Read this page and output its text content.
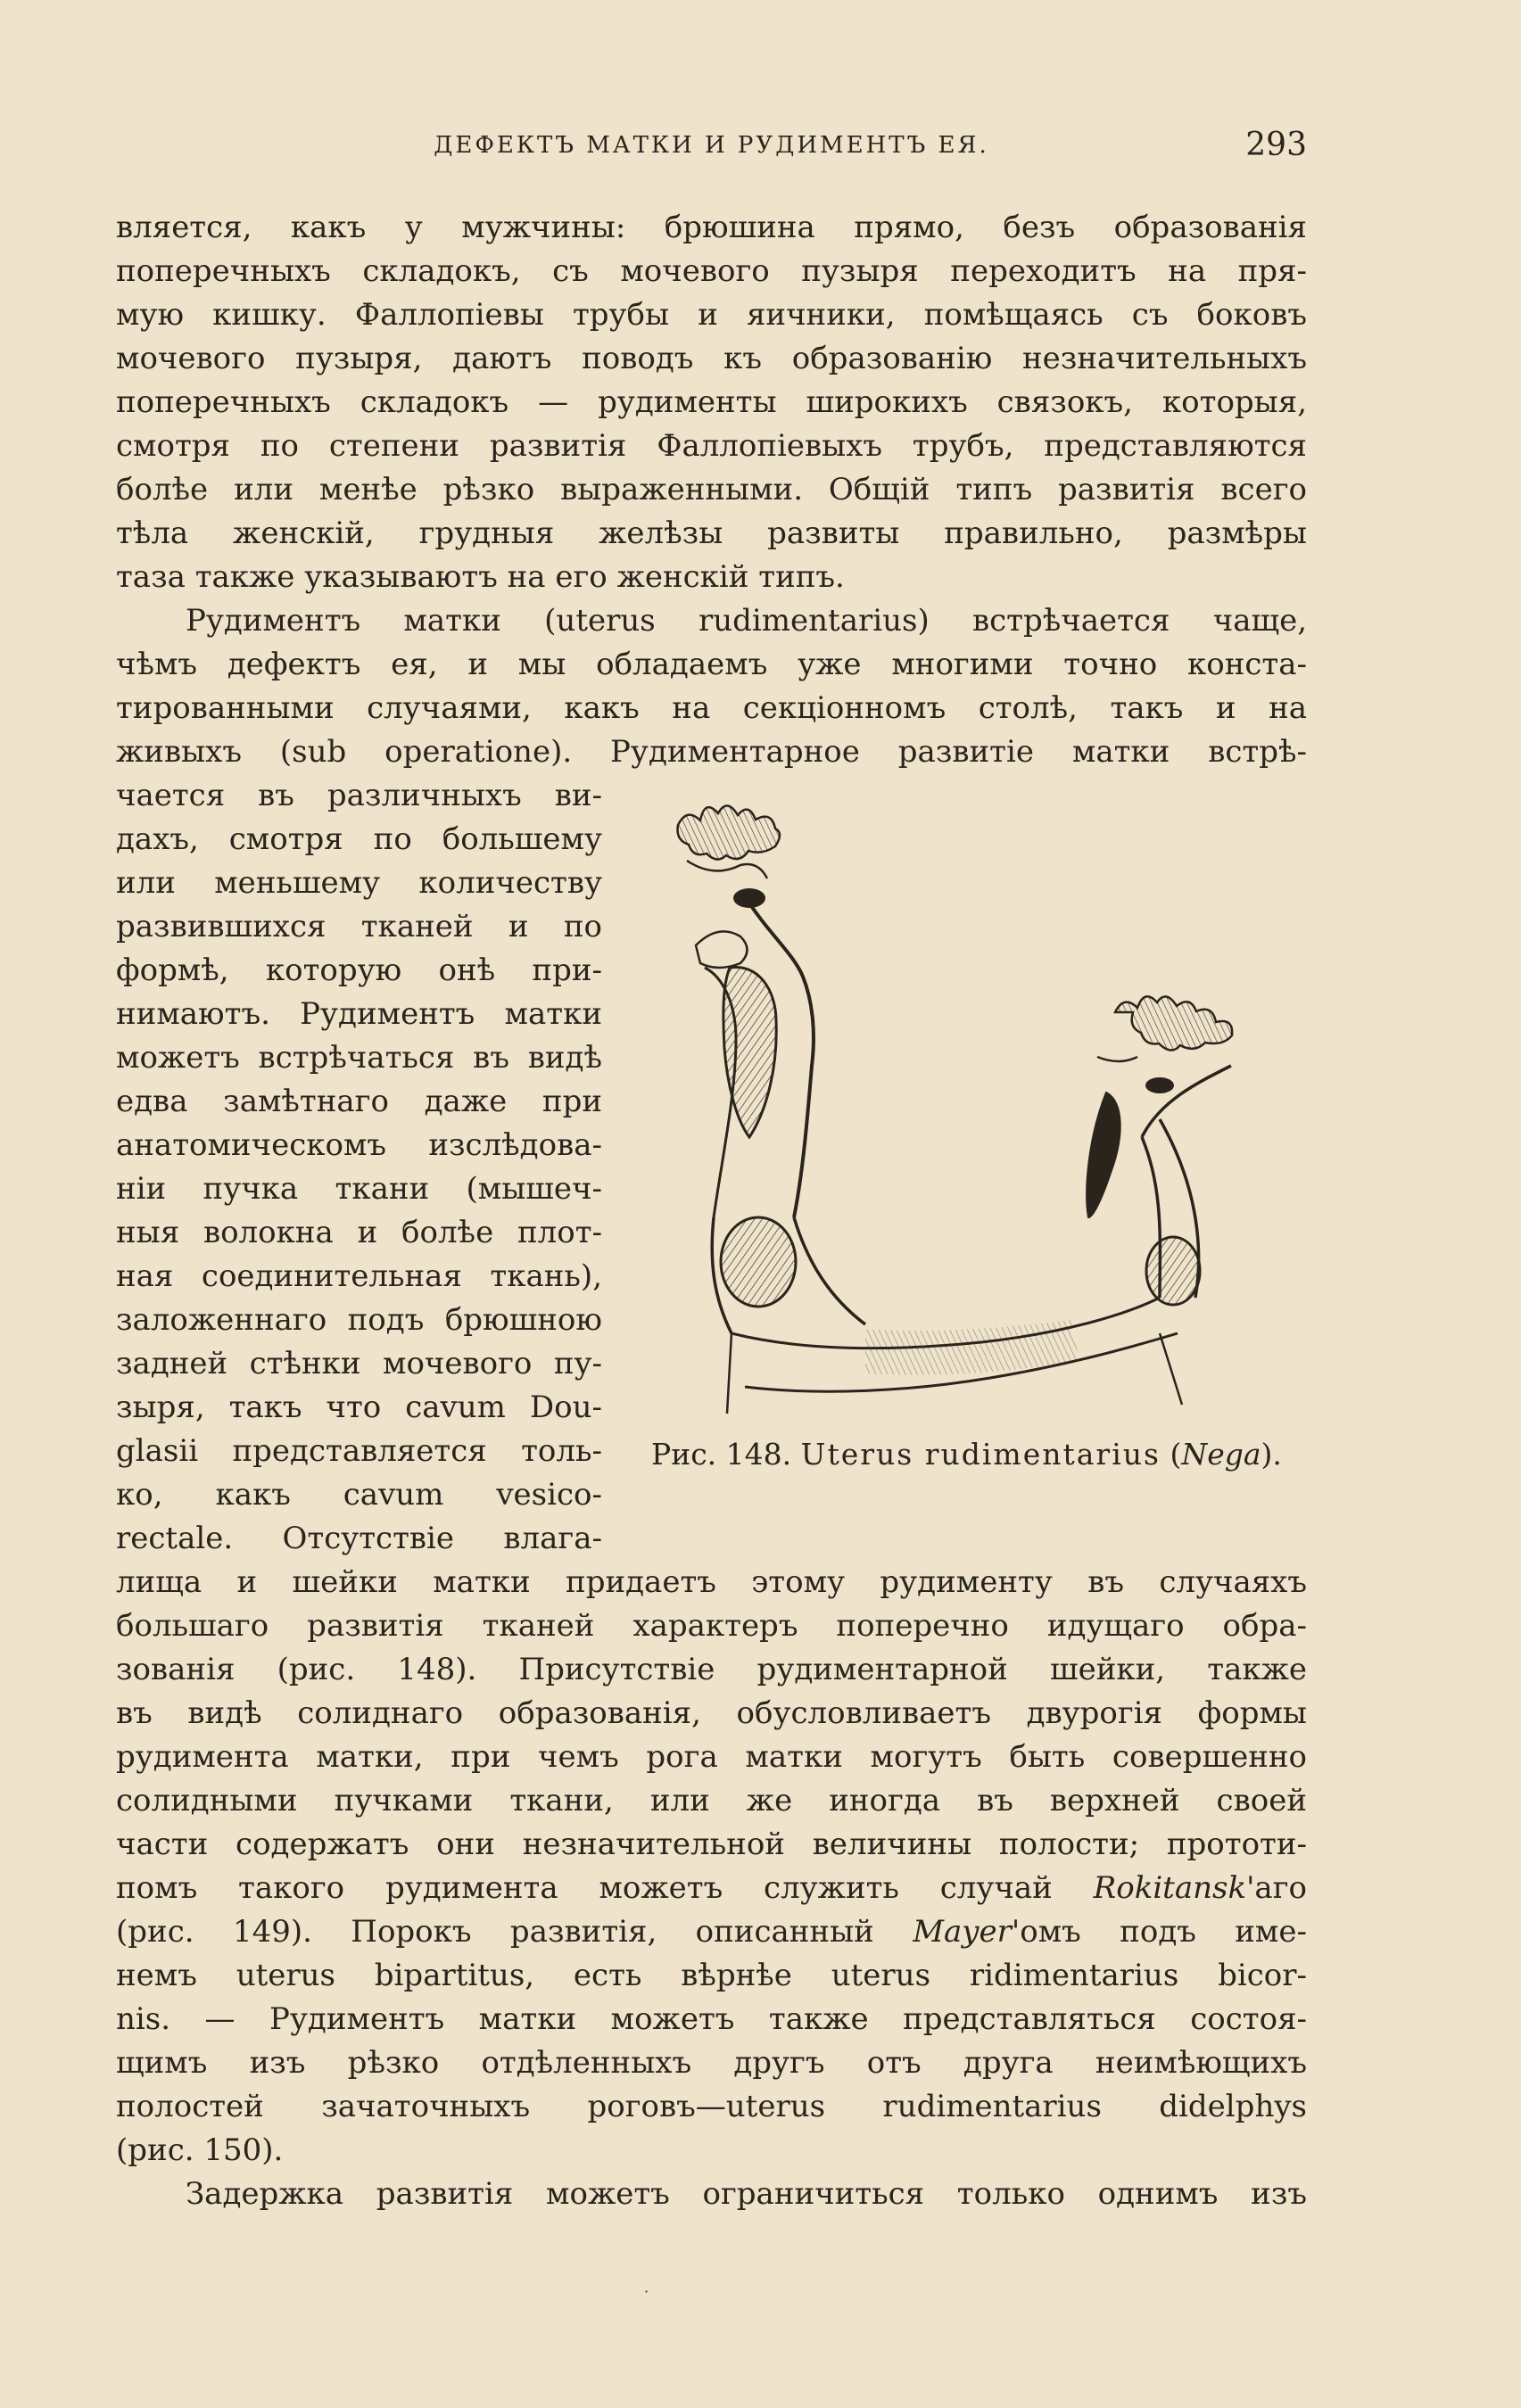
ДЕФЕКТЪ МАТКИ И РУДИМЕНТЪ ЕЯ.	293
вляется, какъ у мужчины: брюшина прямо, безъ образованія
поперечныхъ складокъ, съ мочевого пузыря переходитъ на пря-
мую кишку. Фаллопіевы трубы и яичники, помѣщаясь съ боковъ
мочевого пузыря, даютъ поводъ къ образованію незначительныхъ
поперечныхъ складокъ — рудименты широкихъ связокъ, которыя,
смотря по степени развитія Фаллопіевыхъ трубъ, представляются
болѣе или менѣе рѣзко выраженными. Общій типъ развитія всего
тѣла женскій, грудныя желѣзы развиты правильно, размѣры
таза также указываютъ на его женскій типъ.
Рудиментъ матки (uterus rudimentarius) встрѣчается чаще,
чѣмъ дефектъ ея, и мы обладаемъ уже многими точно конста-
тированными случаями, какъ на секціонномъ столѣ, такъ и на
живыхъ (sub operatione). Рудиментарное развитіе матки встрѣ-
чается въ различныхъ ви-
дахъ, смотря по большему
или меньшему количеству
развившихся тканей и по
формѣ, которую онѣ при-
нимаютъ. Рудиментъ матки
можетъ встрѣчаться въ видѣ
едва замѣтнаго даже при
анатомическомъ изслѣдова-
ніи пучка ткани (мышеч-
ныя волокна и болѣе плот-
ная соединительная ткань),
заложеннаго подъ брюшною
задней стѣнки мочевого пу-
зыря, такъ что cavum Dou-
glasii представляется толь-
ко, какъ cavum vesico-
rectale. Отсутствіе влага-
лища и шейки матки придаетъ этому рудименту въ случаяхъ
большаго развитія тканей характеръ поперечно идущаго обра-
зованія (рис. 148). Присутствіе рудиментарной шейки, также
въ видѣ солиднаго образованія, обусловливаетъ двурогія формы
рудимента матки, при чемъ рога матки могутъ быть совершенно
солидными пучками ткани, или же иногда въ верхней своей
части содержатъ они незначительной величины полости; прототи-
помъ такого рудимента можетъ служить случай Rokitansk'аго
(рис. 149). Порокъ развитія, описанный Mayer'омъ подъ име-
немъ uterus bipartitus, есть вѣрнѣе uterus ridimentarius bicor-
nis. — Рудиментъ матки можетъ также представляться состоя-
щимъ изъ рѣзко отдѣленныхъ другъ отъ друга неимѣющихъ
полостей зачаточныхъ роговъ—uterus rudimentarius didelphys
(рис. 150).
Задержка развитія можетъ ограничиться только однимъ изъ
Рис. 148. Uterus rudimentarius (Nega).
·
